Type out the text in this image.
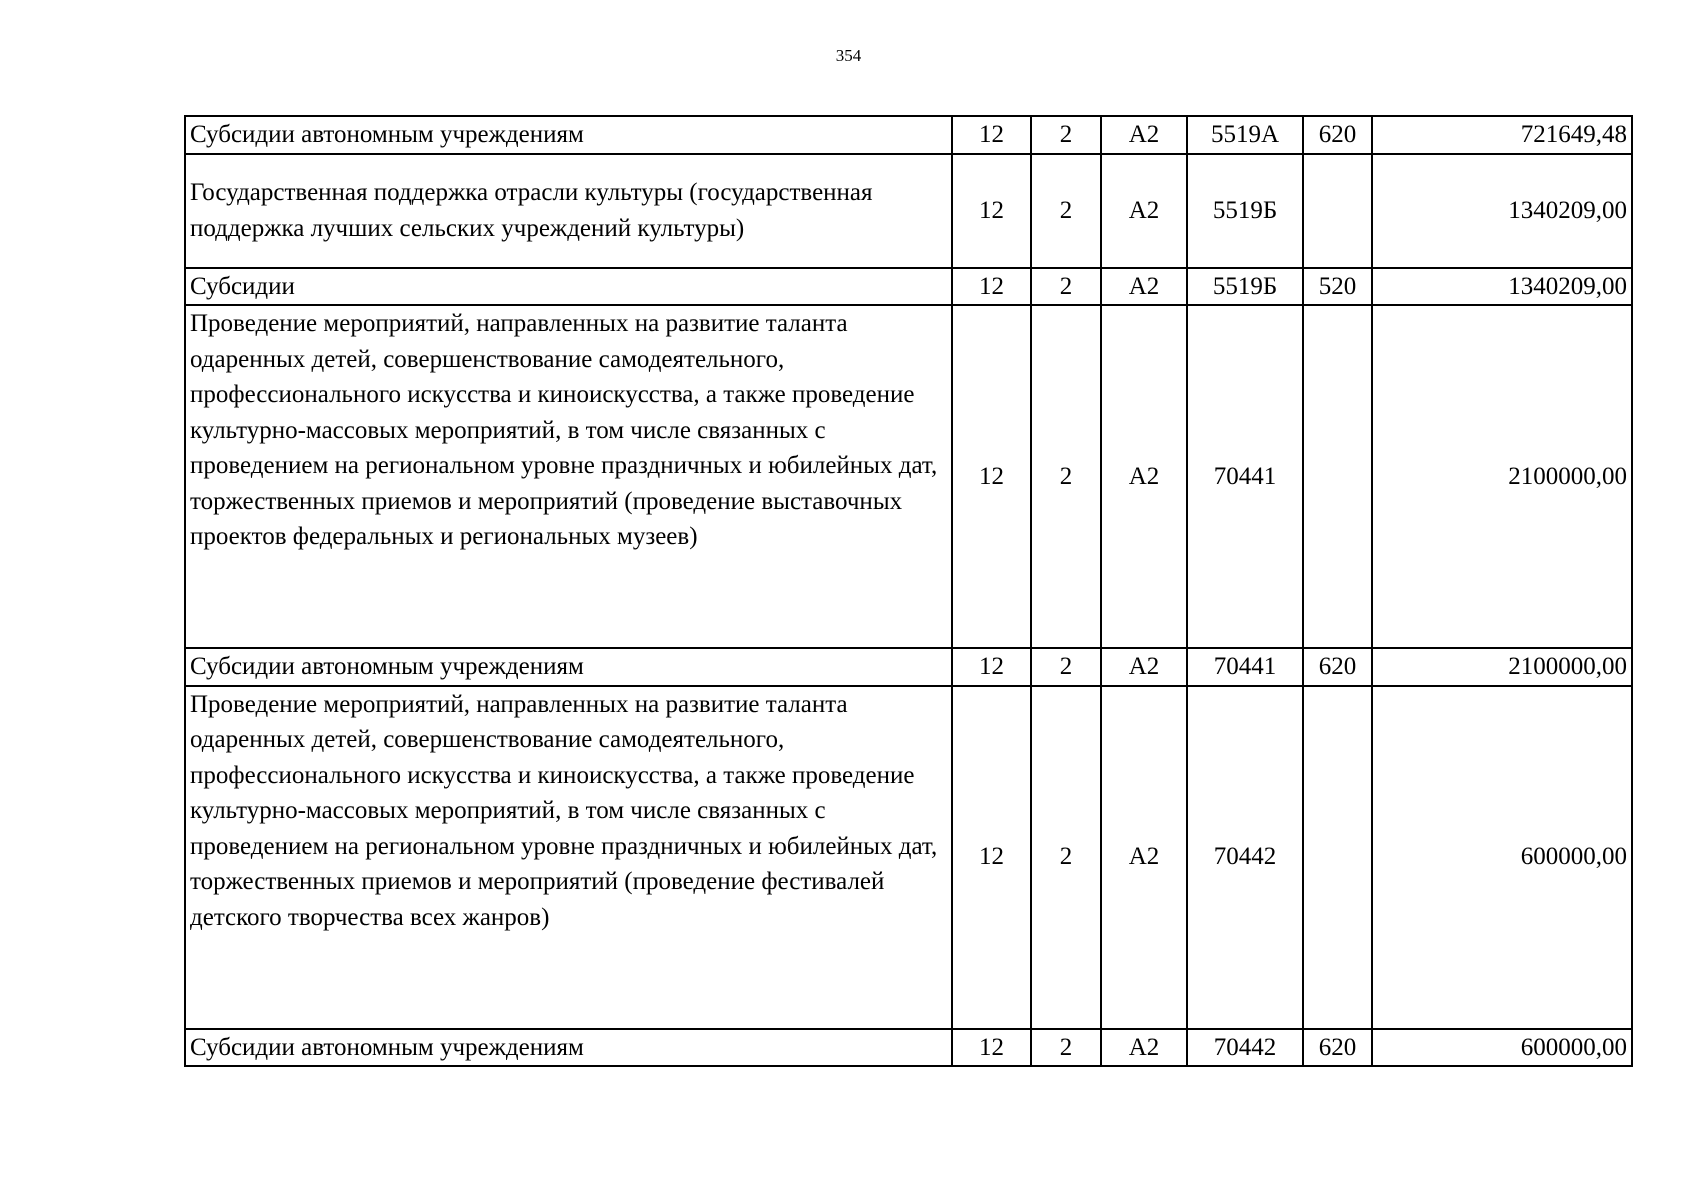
354
Субсидии автономным учреждениям	12	2	А2	5519А	620	721649,48
Государственная поддержка отрасли культуры (государственная поддержка лучших сельских учреждений культуры)	12	2	А2	5519Б		1340209,00
Субсидии	12	2	А2	5519Б	520	1340209,00
Проведение мероприятий, направленных на развитие таланта одаренных детей, совершенствование самодеятельного, профессионального искусства и киноискусства, а также проведение культурно-массовых мероприятий, в том числе связанных с проведением на региональном уровне праздничных и юбилейных дат, торжественных приемов и мероприятий (проведение выставочных проектов федеральных и региональных музеев)	12	2	А2	70441		2100000,00
Субсидии автономным учреждениям	12	2	А2	70441	620	2100000,00
Проведение мероприятий, направленных на развитие таланта одаренных детей, совершенствование самодеятельного, профессионального искусства и киноискусства, а также проведение культурно-массовых мероприятий, в том числе связанных с проведением на региональном уровне праздничных и юбилейных дат, торжественных приемов и мероприятий (проведение фестивалей детского творчества всех жанров)	12	2	А2	70442		600000,00
Субсидии автономным учреждениям	12	2	А2	70442	620	600000,00
